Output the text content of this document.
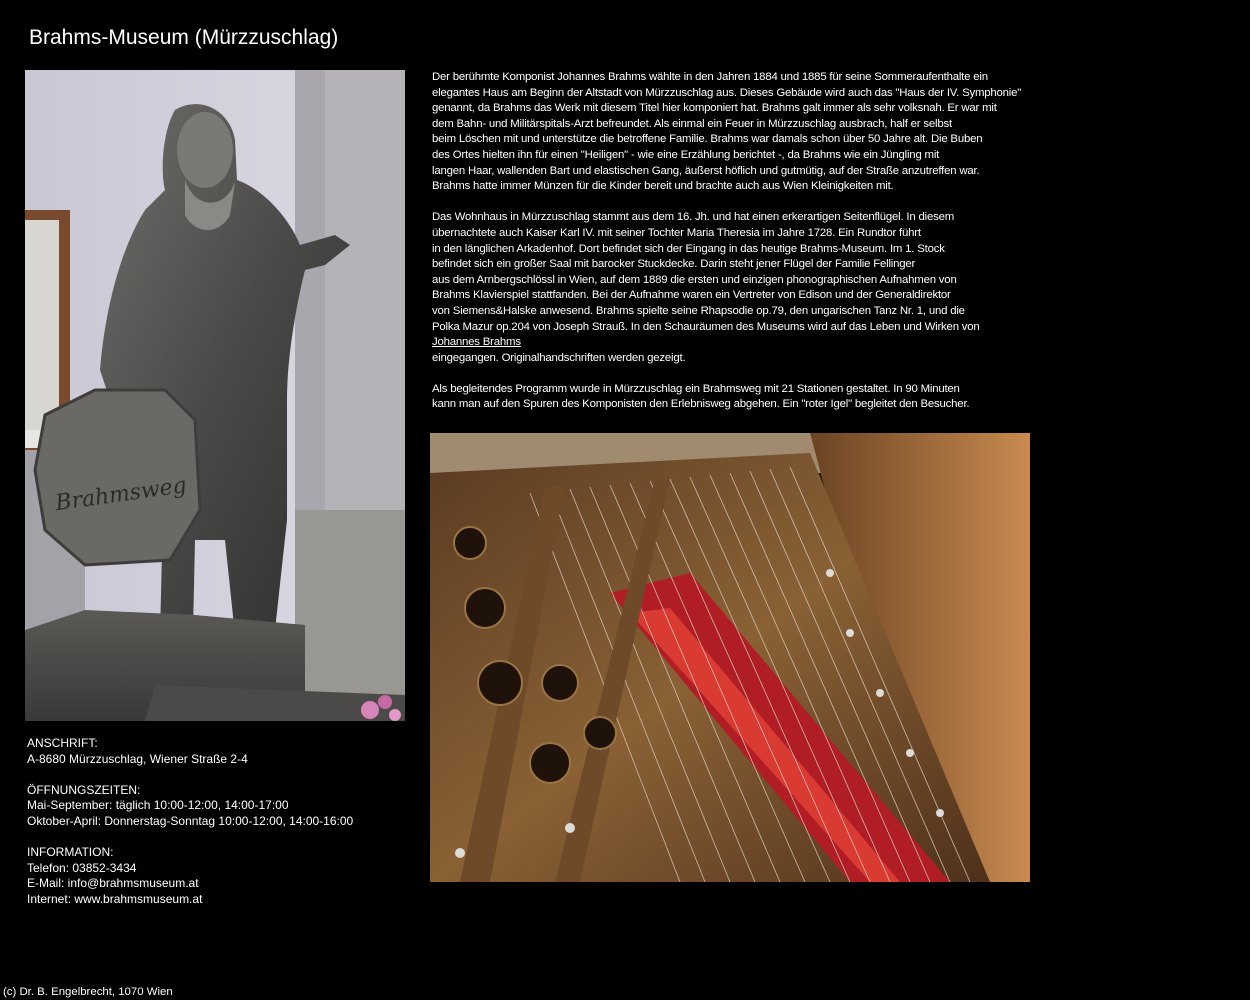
Brahms-Museum (Mürzzuschlag)
Brahmsweg
Der berühmte Komponist Johannes Brahms wählte in den Jahren 1884 und 1885 für seine Sommeraufenthalte ein
elegantes Haus am Beginn der Altstadt von Mürzzuschlag aus. Dieses Gebäude wird auch das "Haus der IV. Symphonie"
genannt, da Brahms das Werk mit diesem Titel hier komponiert hat. Brahms galt immer als sehr volksnah. Er war mit
dem Bahn- und Militärspitals-Arzt befreundet. Als einmal ein Feuer in Mürzzuschlag ausbrach, half er selbst
beim Löschen mit und unterstütze die betroffene Familie. Brahms war damals schon über 50 Jahre alt. Die Buben
des Ortes hielten ihn für einen "Heiligen" - wie eine Erzählung berichtet -, da Brahms wie ein Jüngling mit
langen Haar, wallenden Bart und elastischen Gang, äußerst höflich und gutmütig, auf der Straße anzutreffen war.
Brahms hatte immer Münzen für die Kinder bereit und brachte auch aus Wien Kleinigkeiten mit.
Das Wohnhaus in Mürzzuschlag stammt aus dem 16. Jh. und hat einen erkerartigen Seitenflügel. In diesem
übernachtete auch Kaiser Karl IV. mit seiner Tochter Maria Theresia im Jahre 1728. Ein Rundtor führt
in den länglichen Arkadenhof. Dort befindet sich der Eingang in das heutige Brahms-Museum. Im 1. Stock
befindet sich ein großer Saal mit barocker Stuckdecke. Darin steht jener Flügel der Familie Fellinger
aus dem Arnbergschlössl in Wien, auf dem 1889 die ersten und einzigen phonographischen Aufnahmen von
Brahms Klavierspiel stattfanden. Bei der Aufnahme waren ein Vertreter von Edison und der Generaldirektor
von Siemens&Halske anwesend. Brahms spielte seine Rhapsodie op.79, den ungarischen Tanz Nr. 1, und die
Polka Mazur op.204 von Joseph Strauß. In den Schauräumen des Museums wird auf das Leben und Wirken von
Johannes Brahms
eingegangen. Originalhandschriften werden gezeigt.
Als begleitendes Programm wurde in Mürzzuschlag ein Brahmsweg mit 21 Stationen gestaltet. In 90 Minuten
kann man auf den Spuren des Komponisten den Erlebnisweg abgehen. Ein "roter Igel" begleitet den Besucher.
ANSCHRIFT:
A-8680 Mürzzuschlag, Wiener Straße 2-4
ÖFFNUNGSZEITEN:
Mai-September: täglich 10:00-12:00, 14:00-17:00
Oktober-April: Donnerstag-Sonntag 10:00-12:00, 14:00-16:00
INFORMATION:
Telefon: 03852-3434
E-Mail: info@brahmsmuseum.at
Internet: www.brahmsmuseum.at
(c) Dr. B. Engelbrecht, 1070 Wien
